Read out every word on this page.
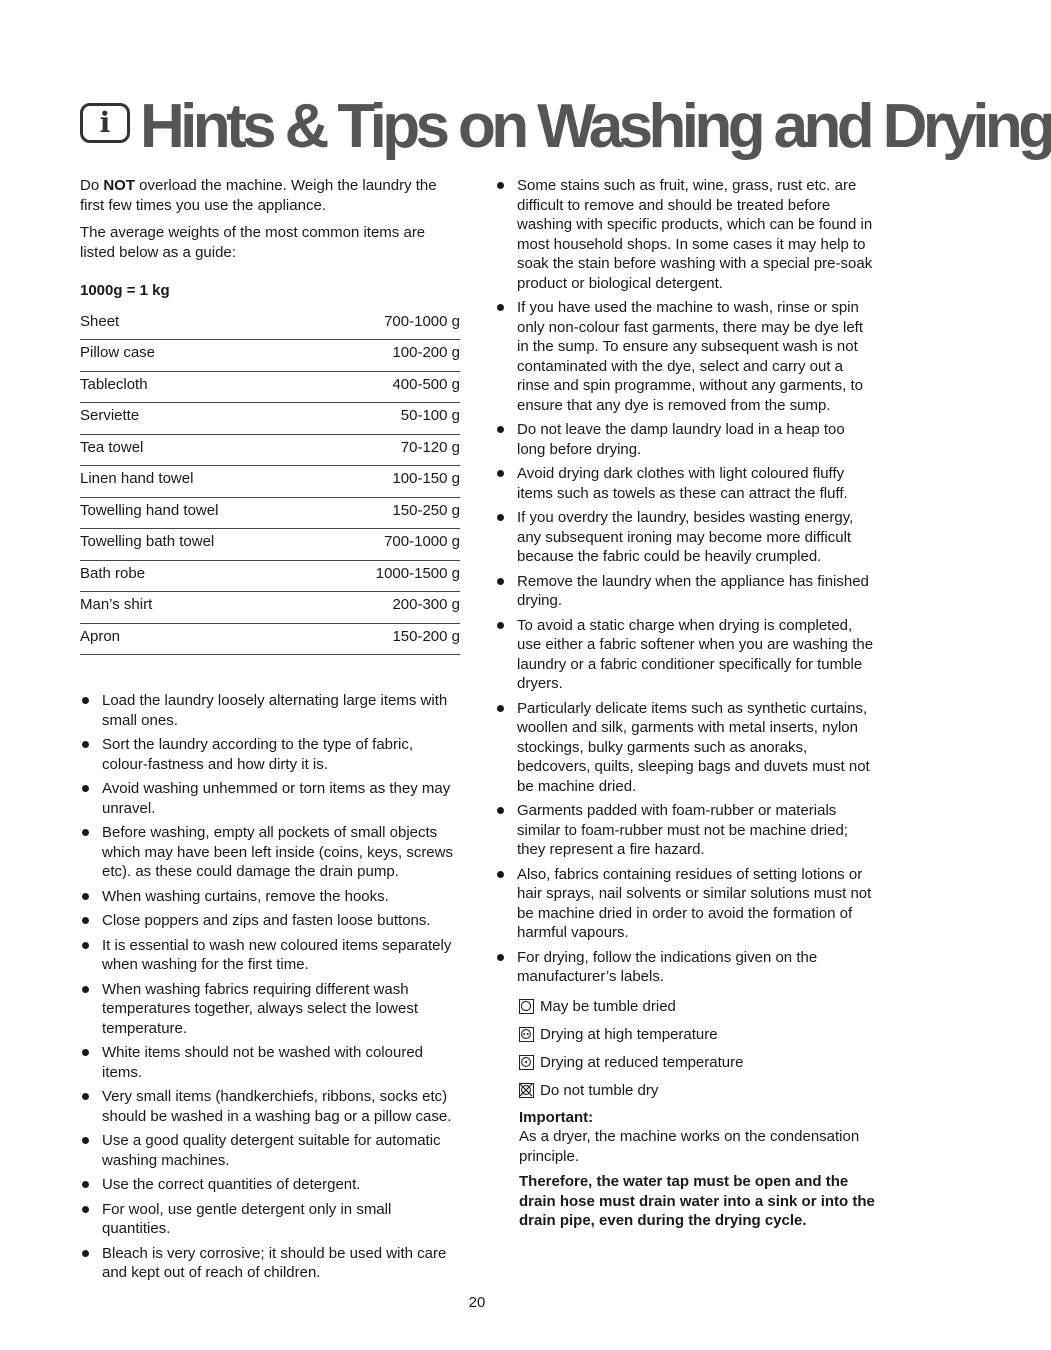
i Hints & Tips on Washing and Drying

Do NOT overload the machine. Weigh the laundry the first few times you use the appliance.

The average weights of the most common items are listed below as a guide:

1000g = 1 kg

Sheet	700-1000 g
Pillow case	100-200 g
Tablecloth	400-500 g
Serviette	50-100 g
Tea towel	70-120 g
Linen hand towel	100-150 g
Towelling hand towel	150-250 g
Towelling bath towel	700-1000 g
Bath robe	1000-1500 g
Man’s shirt	200-300 g
Apron	150-200 g
Load the laundry loosely alternating large items with small ones.
Sort the laundry according to the type of fabric, colour-fastness and how dirty it is.
Avoid washing unhemmed or torn items as they may unravel.
Before washing, empty all pockets of small objects which may have been left inside (coins, keys, screws etc). as these could damage the drain pump.
When washing curtains, remove the hooks.
Close poppers and zips and fasten loose buttons.
It is essential to wash new coloured items separately when washing for the first time.
When washing fabrics requiring different wash temperatures together, always select the lowest temperature.
White items should not be washed with coloured items.
Very small items (handkerchiefs, ribbons, socks etc) should be washed in a washing bag or a pillow case.
Use a good quality detergent suitable for automatic washing machines.
Use the correct quantities of detergent.
For wool, use gentle detergent only in small quantities.
Bleach is very corrosive; it should be used with care and kept out of reach of children.
Some stains such as fruit, wine, grass, rust etc. are difficult to remove and should be treated before washing with specific products, which can be found in most household shops. In some cases it may help to soak the stain before washing with a special pre-soak product or biological detergent.
If you have used the machine to wash, rinse or spin only non-colour fast garments, there may be dye left in the sump. To ensure any subsequent wash is not contaminated with the dye, select and carry out a rinse and spin programme, without any garments, to ensure that any dye is removed from the sump.
Do not leave the damp laundry load in a heap too long before drying.
Avoid drying dark clothes with light coloured fluffy items such as towels as these can attract the fluff.
If you overdry the laundry, besides wasting energy, any subsequent ironing may become more difficult because the fabric could be heavily crumpled.
Remove the laundry when the appliance has finished drying.
To avoid a static charge when drying is completed, use either a fabric softener when you are washing the laundry or a fabric conditioner specifically for tumble dryers.
Particularly delicate items such as synthetic curtains, woollen and silk, garments with metal inserts, nylon stockings, bulky garments such as anoraks, bedcovers, quilts, sleeping bags and duvets must not be machine dried.
Garments padded with foam-rubber or materials similar to foam-rubber must not be machine dried; they represent a fire hazard.
Also, fabrics containing residues of setting lotions or hair sprays, nail solvents or similar solutions must not be machine dried in order to avoid the formation of harmful vapours.
For drying, follow the indications given on the manufacturer’s labels.
May be tumble dried
Drying at high temperature
Drying at reduced temperature
Do not tumble dry
Important:
As a dryer, the machine works on the condensation principle.
Therefore, the water tap must be open and the drain hose must drain water into a sink or into the drain pipe, even during the drying cycle.
20
